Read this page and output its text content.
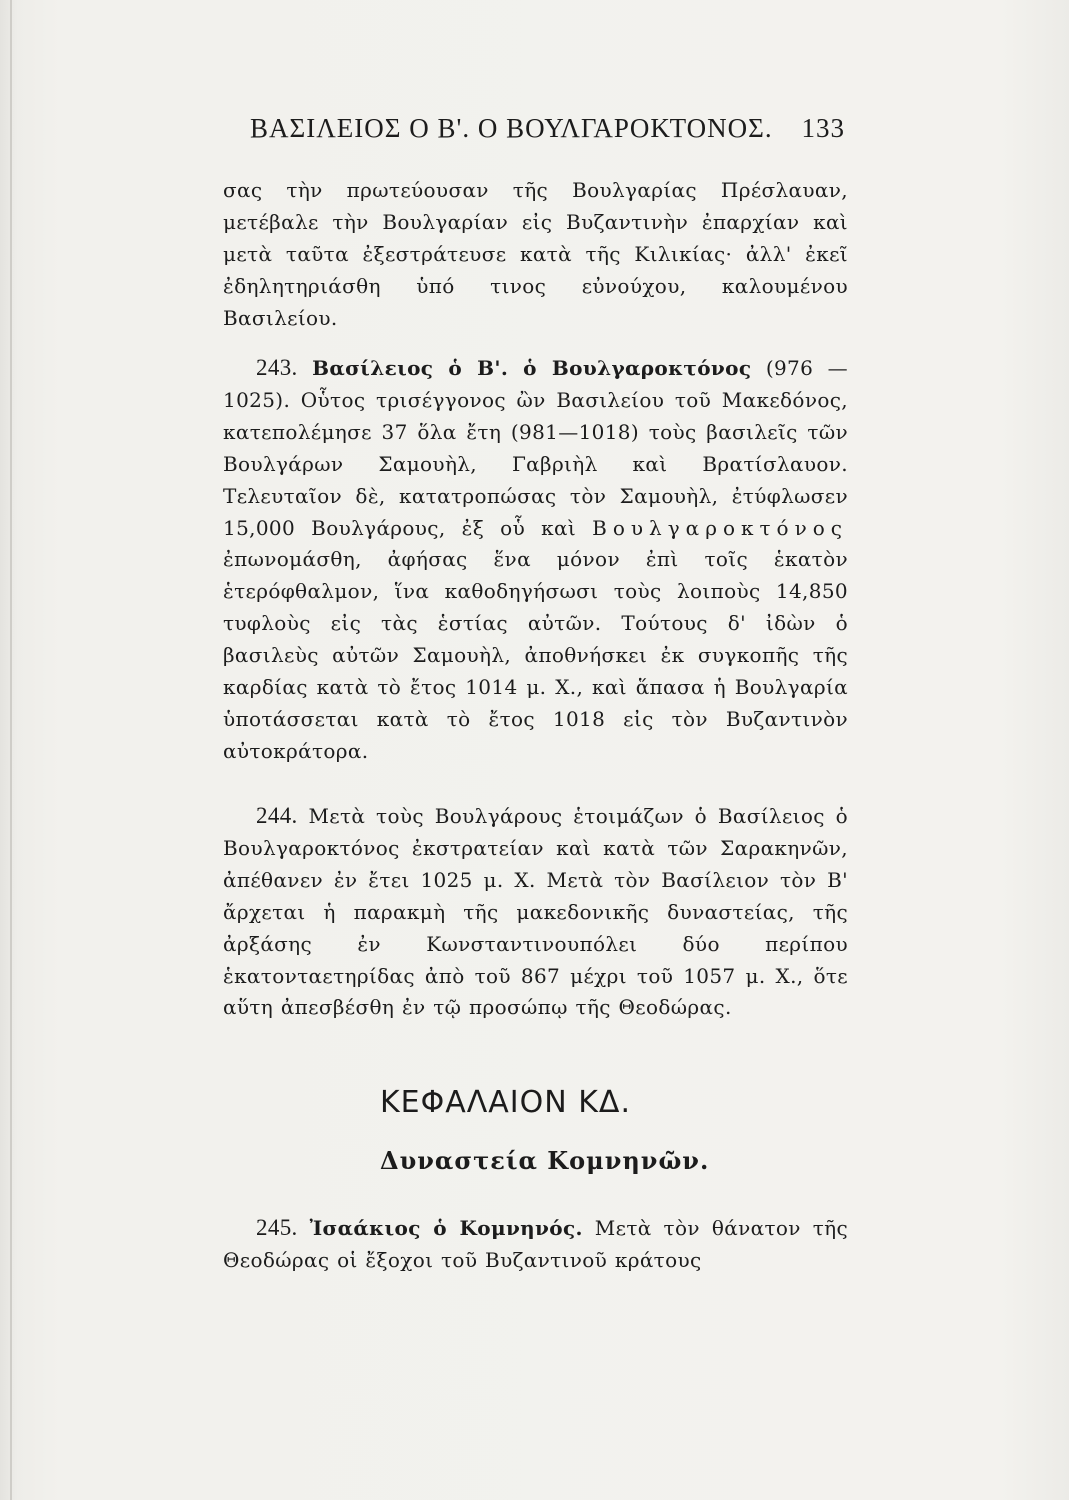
ΒΑΣΙΛΕΙΟΣ Ο Β'. Ο ΒΟΥΛΓΑΡΟΚΤΟΝΟΣ. 133
σας τὴν πρωτεύουσαν τῆς Βουλγαρίας Πρέσλαυαν, μετέβαλε τὴν Βουλγαρίαν εἰς Βυζαντινὴν ἐπαρχίαν καὶ μετὰ ταῦτα ἐξεστράτευσε κατὰ τῆς Κιλικίας· ἀλλ' ἐκεῖ ἐδηλητηριάσθη ὑπό τινος εὐνούχου, καλουμένου Βασιλείου.
243. Βασίλειος ὁ Β'. ὁ Βουλγαροκτόνος (976 — 1025). Οὗτος τρισέγγονος ὢν Βασιλείου τοῦ Μακεδόνος, κατεπολέμησε 37 ὅλα ἔτη (981—1018) τοὺς βασιλεῖς τῶν Βουλγάρων Σαμουὴλ, Γαβριὴλ καὶ Βρατίσλαυον. Τελευταῖον δὲ, κατατροπώσας τὸν Σαμουὴλ, ἐτύφλωσεν 15,000 Βουλγάρους, ἐξ οὗ καὶ Βουλγαροκτόνος ἐπωνομάσθη, ἀφήσας ἕνα μόνον ἐπὶ τοῖς ἑκατὸν ἑτερόφθαλμον, ἵνα καθοδηγήσωσι τοὺς λοιποὺς 14,850 τυφλοὺς εἰς τὰς ἑστίας αὐτῶν. Τούτους δ' ἰδὼν ὁ βασιλεὺς αὐτῶν Σαμουὴλ, ἀποθνήσκει ἐκ συγκοπῆς τῆς καρδίας κατὰ τὸ ἔτος 1014 μ. Χ., καὶ ἅπασα ἡ Βουλγαρία ὑποτάσσεται κατὰ τὸ ἔτος 1018 εἰς τὸν Βυζαντινὸν αὐτοκράτορα.
244. Μετὰ τοὺς Βουλγάρους ἑτοιμάζων ὁ Βασίλειος ὁ Βουλγαροκτόνος ἐκστρατείαν καὶ κατὰ τῶν Σαρακηνῶν, ἀπέθανεν ἐν ἔτει 1025 μ. Χ. Μετὰ τὸν Βασίλειον τὸν Β' ἄρχεται ἡ παρακμὴ τῆς μακεδονικῆς δυναστείας, τῆς ἀρξάσης ἐν Κωνσταντινουπόλει δύο περίπου ἑκατονταετηρίδας ἀπὸ τοῦ 867 μέχρι τοῦ 1057 μ. Χ., ὅτε αὕτη ἀπεσβέσθη ἐν τῷ προσώπῳ τῆς Θεοδώρας.
ΚΕΦΑΛΑΙΟΝ ΚΔ.
Δυναστεία Κομνηνῶν.
245. Ἰσαάκιος ὁ Κομνηνός. Μετὰ τὸν θάνατον τῆς Θεοδώρας οἱ ἔξοχοι τοῦ Βυζαντινοῦ κράτους
